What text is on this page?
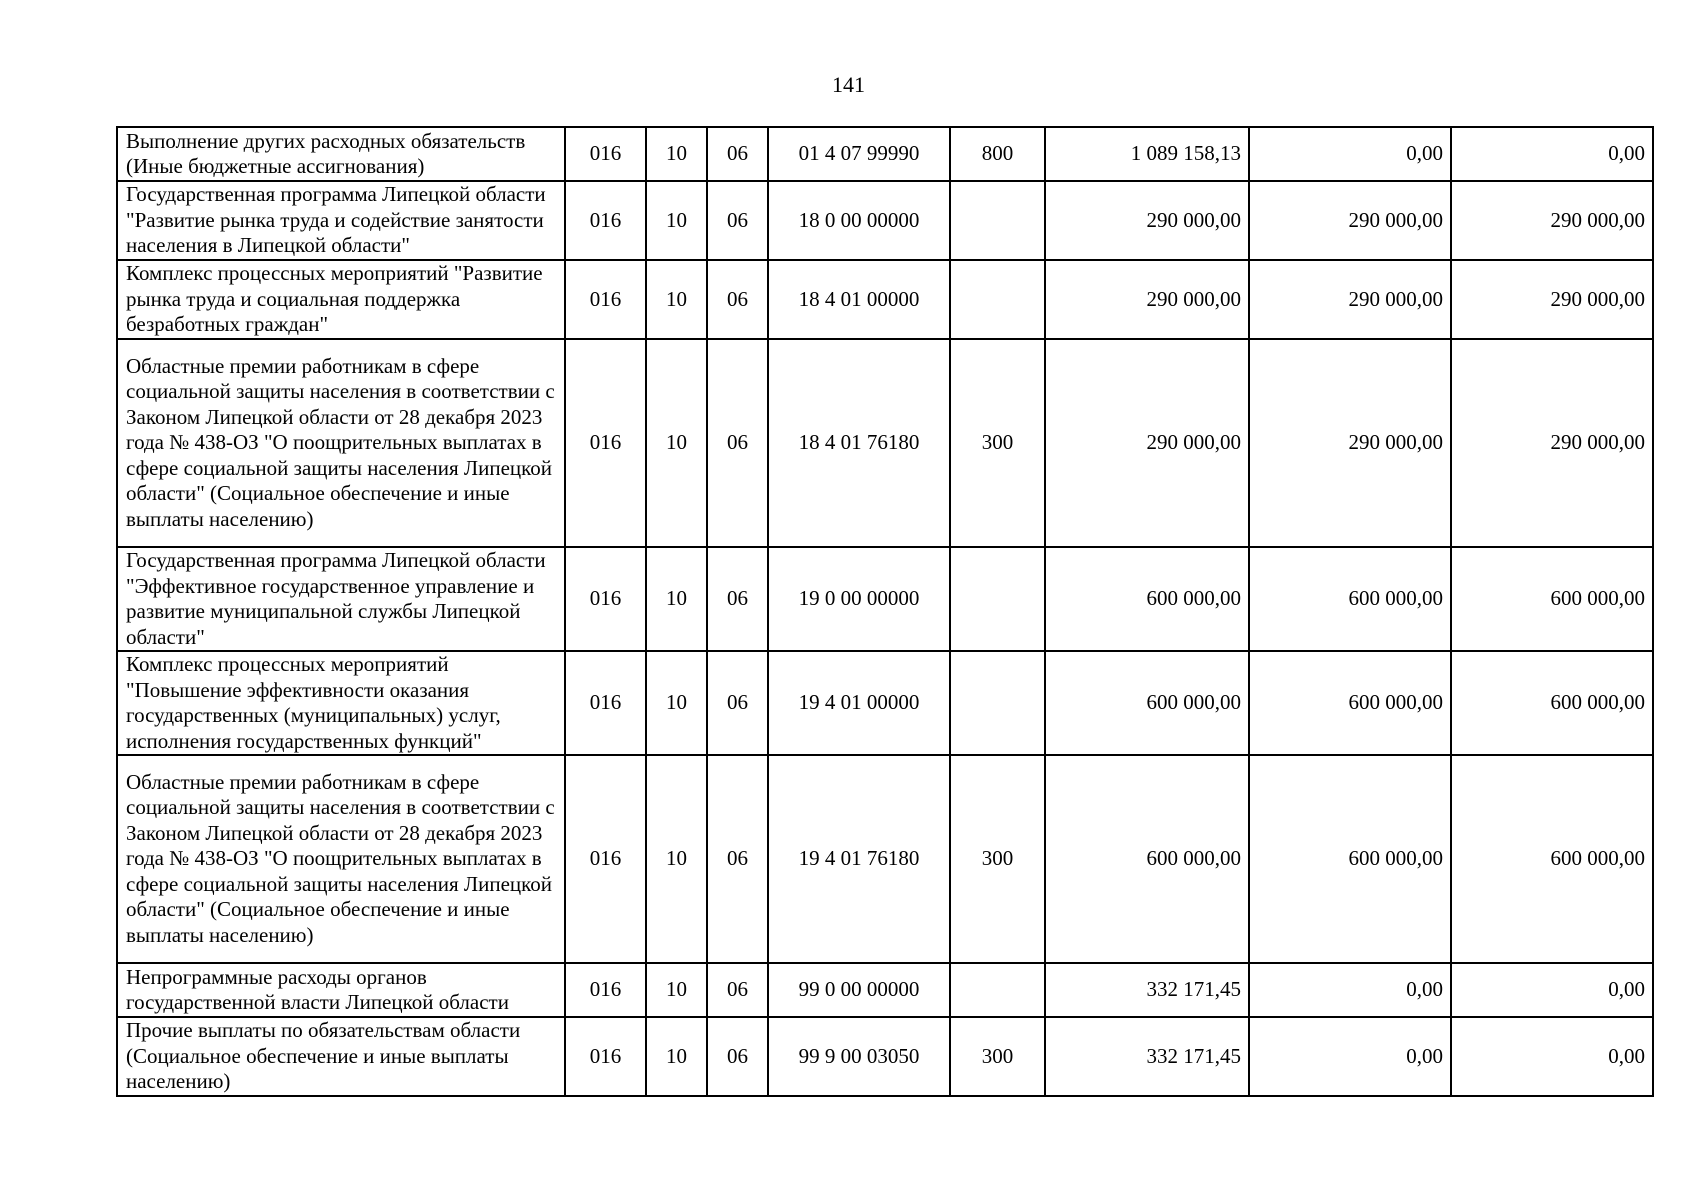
141
Выполнение других расходных обязательств (Иные бюджетные ассигнования)	016	10	06	01 4 07 99990	800	1 089 158,13	0,00	0,00
Государственная программа Липецкой области "Развитие рынка труда и содействие занятости населения в Липецкой области"	016	10	06	18 0 00 00000		290 000,00	290 000,00	290 000,00
Комплекс процессных мероприятий "Развитие рынка труда и социальная поддержка безработных граждан"	016	10	06	18 4 01 00000		290 000,00	290 000,00	290 000,00
Областные премии работникам в сфере социальной защиты населения в соответствии с Законом Липецкой области от 28 декабря 2023 года № 438-ОЗ "О поощрительных выплатах в сфере социальной защиты населения Липецкой области" (Социальное обеспечение и иные выплаты населению)	016	10	06	18 4 01 76180	300	290 000,00	290 000,00	290 000,00
Государственная программа Липецкой области "Эффективное государственное управление и развитие муниципальной службы Липецкой области"	016	10	06	19 0 00 00000		600 000,00	600 000,00	600 000,00
Комплекс процессных мероприятий "Повышение эффективности оказания государственных (муниципальных) услуг, исполнения государственных функций"	016	10	06	19 4 01 00000		600 000,00	600 000,00	600 000,00
Областные премии работникам в сфере социальной защиты населения в соответствии с Законом Липецкой области от 28 декабря 2023 года № 438-ОЗ "О поощрительных выплатах в сфере социальной защиты населения Липецкой области" (Социальное обеспечение и иные выплаты населению)	016	10	06	19 4 01 76180	300	600 000,00	600 000,00	600 000,00
Непрограммные расходы органов государственной власти Липецкой области	016	10	06	99 0 00 00000		332 171,45	0,00	0,00
Прочие выплаты по обязательствам области (Социальное обеспечение и иные выплаты населению)	016	10	06	99 9 00 03050	300	332 171,45	0,00	0,00
